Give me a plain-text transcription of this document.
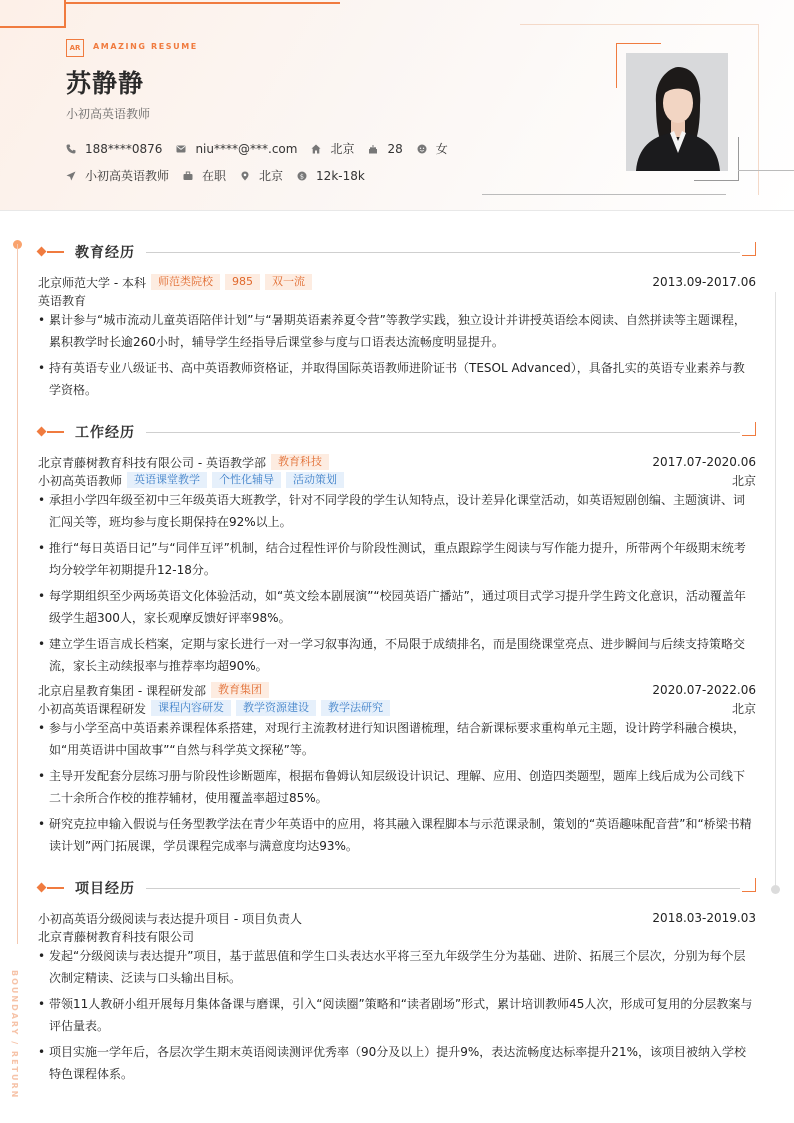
AR	AMAZING RESUME
苏静静
小初高英语教师
188****0876	niu****@***.com	北京	28	女
小初高英语教师	在职	北京	$ 12k-18k
BOUNDARY / RETURN
教育经历
北京师范大学 - 本科	师范类院校	985	双一流	2013.09-2017.06
英语教育
• 累计参与“城市流动儿童英语陪伴计划”与“暑期英语素养夏令营”等教学实践，独立设计并讲授英语绘本阅读、自然拼读等主题课程，累积教学时长逾260小时，辅导学生经指导后课堂参与度与口语表达流畅度明显提升。
• 持有英语专业八级证书、高中英语教师资格证，并取得国际英语教师进阶证书（TESOL Advanced），具备扎实的英语专业素养与教学资格。
工作经历
北京青藤树教育科技有限公司 - 英语教学部	教育科技	2017.07-2020.06
小初高英语教师	英语课堂教学	个性化辅导	活动策划	北京
• 承担小学四年级至初中三年级英语大班教学，针对不同学段的学生认知特点，设计差异化课堂活动，如英语短剧创编、主题演讲、词汇闯关等，班均参与度长期保持在92%以上。
• 推行“每日英语日记”与“同伴互评”机制，结合过程性评价与阶段性测试，重点跟踪学生阅读与写作能力提升，所带两个年级期末统考均分较学年初期提升12-18分。
• 每学期组织至少两场英语文化体验活动，如“英文绘本剧展演”“校园英语广播站”，通过项目式学习提升学生跨文化意识，活动覆盖年级学生超300人，家长观摩反馈好评率98%。
• 建立学生语言成长档案，定期与家长进行一对一学习叙事沟通，不局限于成绩排名，而是围绕课堂亮点、进步瞬间与后续支持策略交流，家长主动续报率与推荐率均超90%。
北京启星教育集团 - 课程研发部	教育集团	2020.07-2022.06
小初高英语课程研发	课程内容研发	教学资源建设	教学法研究	北京
• 参与小学至高中英语素养课程体系搭建，对现行主流教材进行知识图谱梳理，结合新课标要求重构单元主题，设计跨学科融合模块，如“用英语讲中国故事”“自然与科学英文探秘”等。
• 主导开发配套分层练习册与阶段性诊断题库，根据布鲁姆认知层级设计识记、理解、应用、创造四类题型，题库上线后成为公司线下二十余所合作校的推荐辅材，使用覆盖率超过85%。
• 研究克拉申输入假说与任务型教学法在青少年英语中的应用，将其融入课程脚本与示范课录制，策划的“英语趣味配音营”和“桥梁书精读计划”两门拓展课，学员课程完成率与满意度均达93%。
项目经历
小初高英语分级阅读与表达提升项目 - 项目负责人	2018.03-2019.03
北京青藤树教育科技有限公司
• 发起“分级阅读与表达提升”项目，基于蓝思值和学生口头表达水平将三至九年级学生分为基础、进阶、拓展三个层次，分别为每个层次制定精读、泛读与口头输出目标。
• 带领11人教研小组开展每月集体备课与磨课，引入“阅读圈”策略和“读者剧场”形式，累计培训教师45人次，形成可复用的分层教案与评估量表。
• 项目实施一学年后，各层次学生期末英语阅读测评优秀率（90分及以上）提升9%，表达流畅度达标率提升21%，该项目被纳入学校特色课程体系。
